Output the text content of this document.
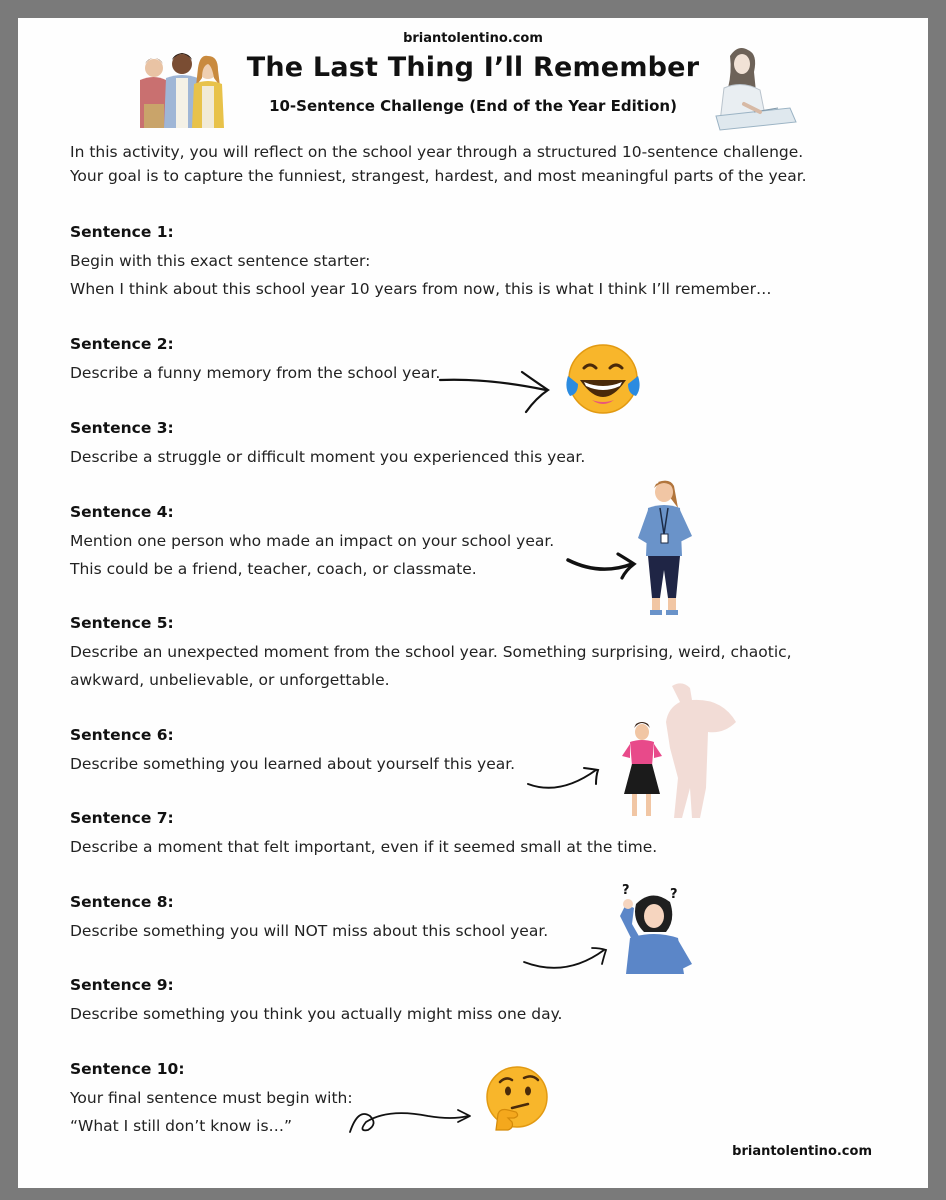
briantolentino.com
The Last Thing I’ll Remember
10-Sentence Challenge (End of the Year Edition)
In this activity, you will reflect on the school year through a structured 10-sentence challenge.
Your goal is to capture the funniest, strangest, hardest, and most meaningful parts of the year.
Sentence 1:
Begin with this exact sentence starter:
When I think about this school year 10 years from now, this is what I think I’ll remember…
Sentence 2:
Describe a funny memory from the school year.
Sentence 3:
Describe a struggle or difficult moment you experienced this year.
Sentence 4:
Mention one person who made an impact on your school year.
This could be a friend, teacher, coach, or classmate.
Sentence 5:
Describe an unexpected moment from the school year. Something surprising, weird, chaotic,
awkward, unbelievable, or unforgettable.
Sentence 6:
Describe something you learned about yourself this year.
Sentence 7:
Describe a moment that felt important, even if it seemed small at the time.
Sentence 8:
Describe something you will NOT miss about this school year.
Sentence 9:
Describe something you think you actually might miss one day.
Sentence 10:
Your final sentence must begin with:
“What I still don’t know is…”
?	?
briantolentino.com
